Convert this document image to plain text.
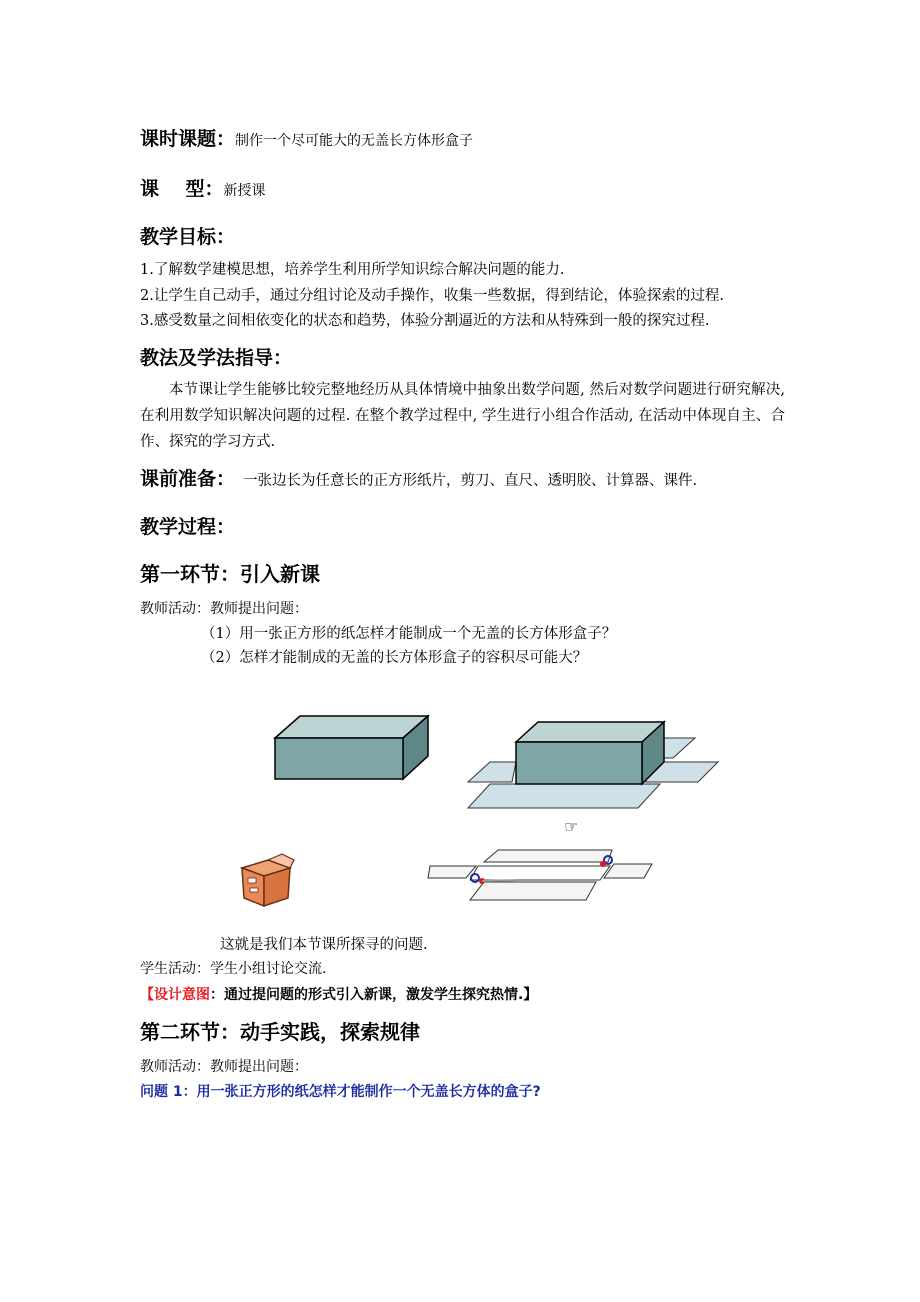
课时课题：制作一个尽可能大的无盖长方体形盒子
课    型：新授课
教学目标：
1.了解数学建模思想，培养学生利用所学知识综合解决问题的能力.
2.让学生自己动手，通过分组讨论及动手操作，收集一些数据，得到结论，体验探索的过程.
3.感受数量之间相依变化的状态和趋势，体验分割逼近的方法和从特殊到一般的探究过程.
教法及学法指导：
本节课让学生能够比较完整地经历从具体情境中抽象出数学问题, 然后对数学问题进行研究解决, 在利用数学知识解决问题的过程. 在整个教学过程中, 学生进行小组合作活动, 在活动中体现自主、合作、探究的学习方式.
课前准备： 一张边长为任意长的正方形纸片，剪刀、直尺、透明胶、计算器、课件.
教学过程：
第一环节：引入新课
教师活动：教师提出问题：
（1）用一张正方形的纸怎样才能制成一个无盖的长方体形盒子？
（2）怎样才能制成的无盖的长方体形盒子的容积尽可能大？
☞
这就是我们本节课所探寻的问题.
学生活动：学生小组讨论交流.
【设计意图：通过提问题的形式引入新课，激发学生探究热情.】
第二环节：动手实践，探索规律
教师活动：教师提出问题：
问题 1：用一张正方形的纸怎样才能制作一个无盖长方体的盒子?
